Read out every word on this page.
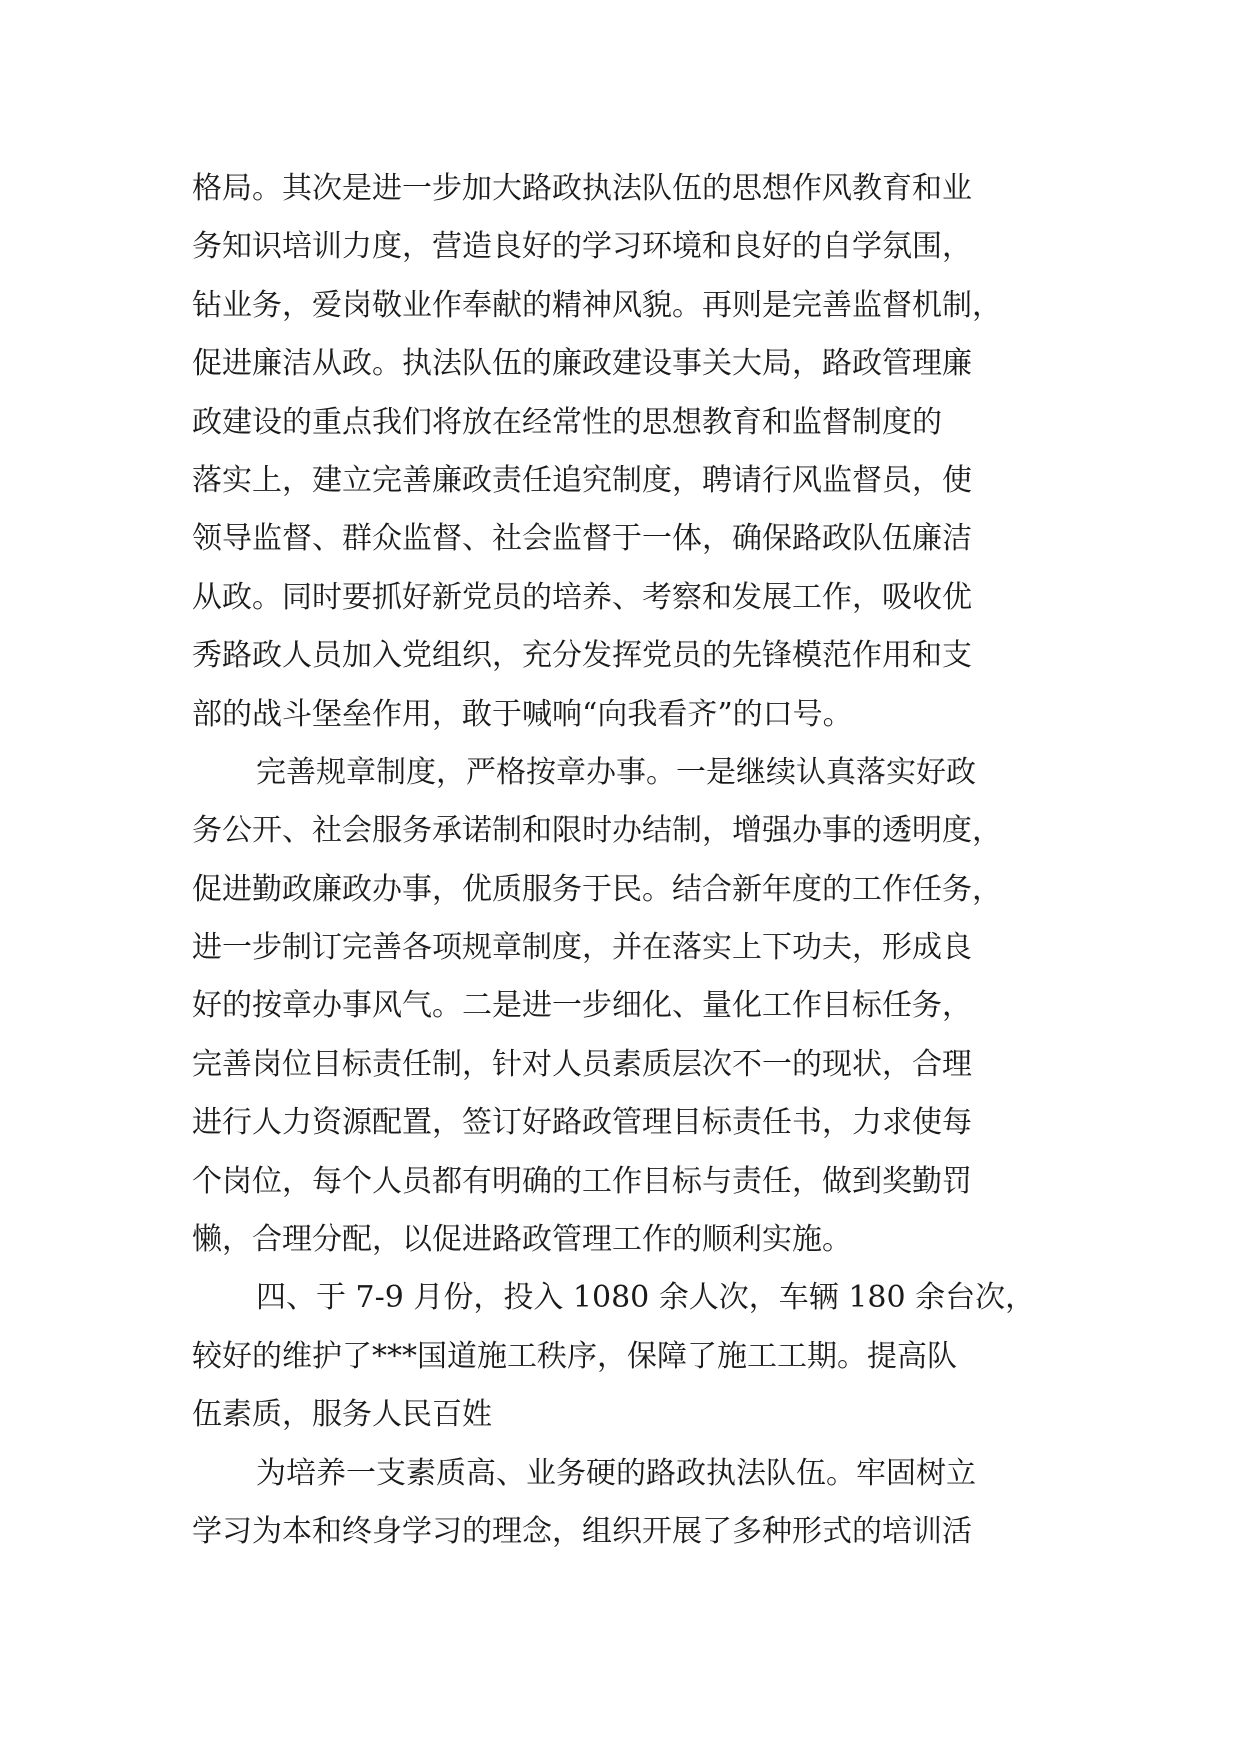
格局。其次是进一步加大路政执法队伍的思想作风教育和业
务知识培训力度，营造良好的学习环境和良好的自学氛围，
钻业务，爱岗敬业作奉献的精神风貌。再则是完善监督机制，
促进廉洁从政。执法队伍的廉政建设事关大局，路政管理廉
政建设的重点我们将放在经常性的思想教育和监督制度的
落实上，建立完善廉政责任追究制度，聘请行风监督员，使
领导监督、群众监督、社会监督于一体，确保路政队伍廉洁
从政。同时要抓好新党员的培养、考察和发展工作，吸收优
秀路政人员加入党组织，充分发挥党员的先锋模范作用和支
部的战斗堡垒作用，敢于喊响“向我看齐”的口号。
完善规章制度，严格按章办事。一是继续认真落实好政
务公开、社会服务承诺制和限时办结制，增强办事的透明度，
促进勤政廉政办事，优质服务于民。结合新年度的工作任务，
进一步制订完善各项规章制度，并在落实上下功夫，形成良
好的按章办事风气。二是进一步细化、量化工作目标任务，
完善岗位目标责任制，针对人员素质层次不一的现状，合理
进行人力资源配置，签订好路政管理目标责任书，力求使每
个岗位，每个人员都有明确的工作目标与责任，做到奖勤罚
懒，合理分配，以促进路政管理工作的顺利实施。
四、于 7-9 月份，投入 1080 余人次，车辆 180 余台次，
较好的维护了***国道施工秩序，保障了施工工期。提高队
伍素质，服务人民百姓
为培养一支素质高、业务硬的路政执法队伍。牢固树立
学习为本和终身学习的理念，组织开展了多种形式的培训活
